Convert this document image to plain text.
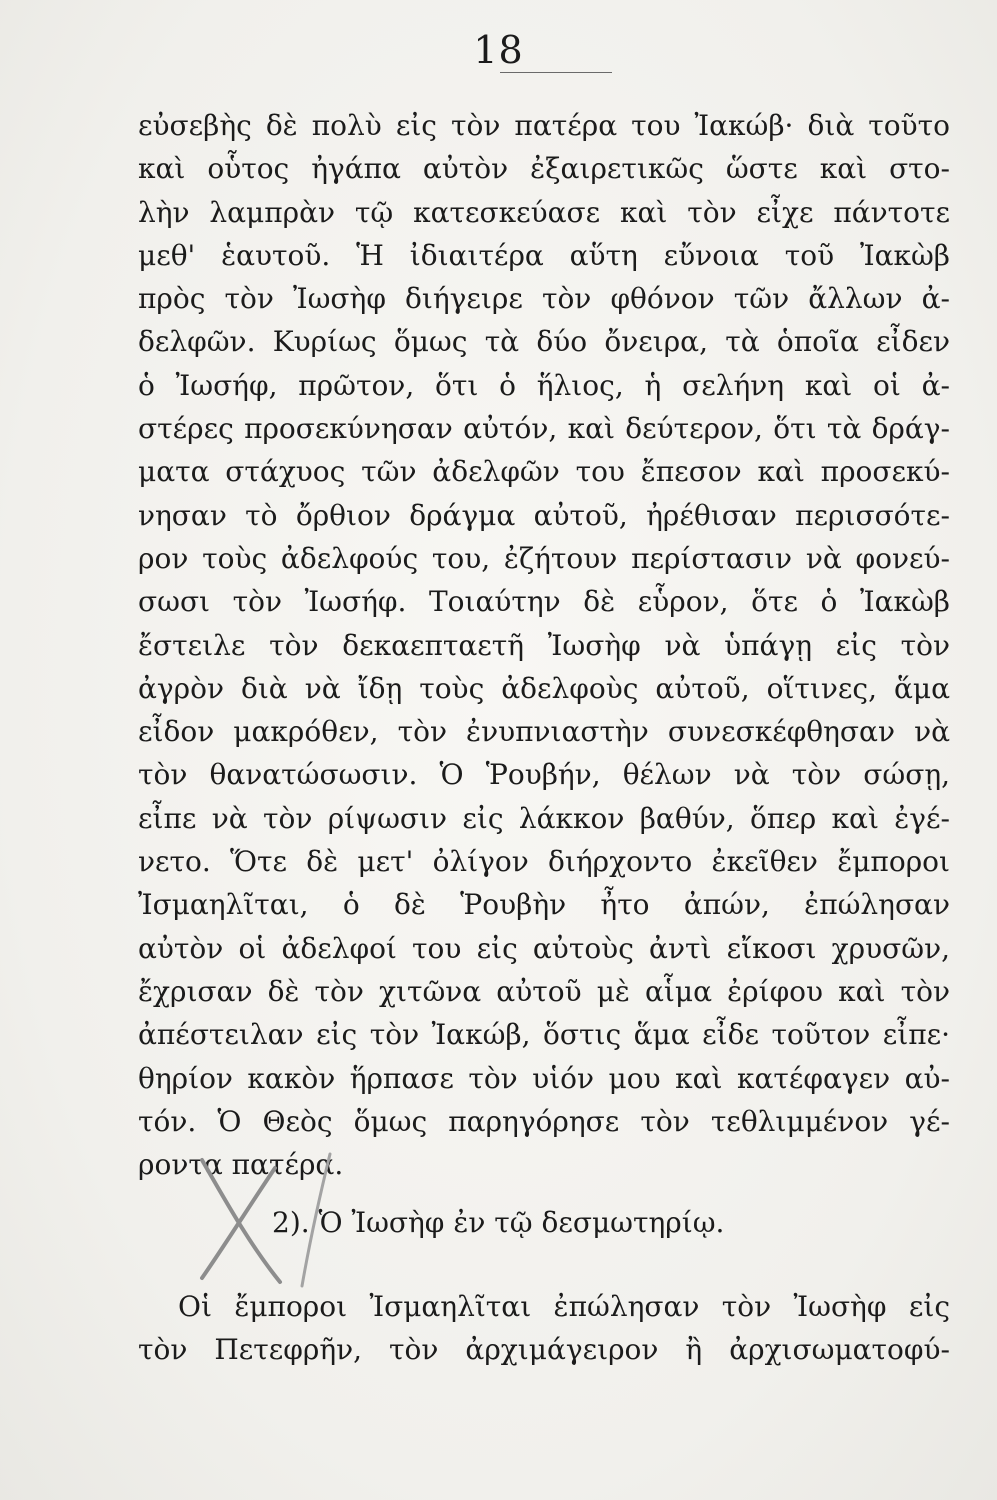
18
εὐσεβὴς δὲ πολὺ εἰς τὸν πατέρα του Ἰακώβ· διὰ τοῦτο
καὶ οὗτος ἠγάπα αὐτὸν ἐξαιρετικῶς ὥστε καὶ στο-
λὴν λαμπρὰν τῷ κατεσκεύασε καὶ τὸν εἶχε πάντοτε
μεθ' ἑαυτοῦ. Ἡ ἰδιαιτέρα αὕτη εὔνοια τοῦ Ἰακὼβ
πρὸς τὸν Ἰωσὴφ διήγειρε τὸν φθόνον τῶν ἄλλων ἀ-
δελφῶν. Κυρίως ὅμως τὰ δύο ὄνειρα, τὰ ὁποῖα εἶδεν
ὁ Ἰωσήφ, πρῶτον, ὅτι ὁ ἥλιος, ἡ σελήνη καὶ οἱ ἀ-
στέρες προσεκύνησαν αὐτόν, καὶ δεύτερον, ὅτι τὰ δράγ-
ματα στάχυος τῶν ἀδελφῶν του ἔπεσον καὶ προσεκύ-
νησαν τὸ ὄρθιον δράγμα αὐτοῦ, ἠρέθισαν περισσότε-
ρον τοὺς ἀδελφούς του, ἐζήτουν περίστασιν νὰ φονεύ-
σωσι τὸν Ἰωσήφ. Τοιαύτην δὲ εὗρον, ὅτε ὁ Ἰακὼβ
ἔστειλε τὸν δεκαεπταετῆ Ἰωσὴφ νὰ ὑπάγῃ εἰς τὸν
ἀγρὸν διὰ νὰ ἴδῃ τοὺς ἀδελφοὺς αὐτοῦ, οἵτινες, ἅμα
εἶδον μακρόθεν, τὸν ἐνυπνιαστὴν συνεσκέφθησαν νὰ
τὸν θανατώσωσιν. Ὁ Ῥουβήν, θέλων νὰ τὸν σώσῃ,
εἶπε νὰ τὸν ρίψωσιν εἰς λάκκον βαθύν, ὅπερ καὶ ἐγέ-
νετο. Ὅτε δὲ μετ' ὀλίγον διήρχοντο ἐκεῖθεν ἔμποροι
Ἰσμαηλῖται, ὁ δὲ Ῥουβὴν ἦτο ἀπών, ἐπώλησαν
αὐτὸν οἱ ἀδελφοί του εἰς αὐτοὺς ἀντὶ εἴκοσι χρυσῶν,
ἔχρισαν δὲ τὸν χιτῶνα αὐτοῦ μὲ αἷμα ἐρίφου καὶ τὸν
ἀπέστειλαν εἰς τὸν Ἰακώβ, ὅστις ἅμα εἶδε τοῦτον εἶπε·
θηρίον κακὸν ἥρπασε τὸν υἱόν μου καὶ κατέφαγεν αὐ-
τόν. Ὁ Θεὸς ὅμως παρηγόρησε τὸν τεθλιμμένον γέ-
ροντα πατέρα.
2). Ὁ Ἰωσὴφ ἐν τῷ δεσμωτηρίῳ.
Οἱ ἔμποροι Ἰσμαηλῖται ἐπώλησαν τὸν Ἰωσὴφ εἰς
τὸν Πετεφρῆν, τὸν ἀρχιμάγειρον ἢ ἀρχισωματοφύ-
